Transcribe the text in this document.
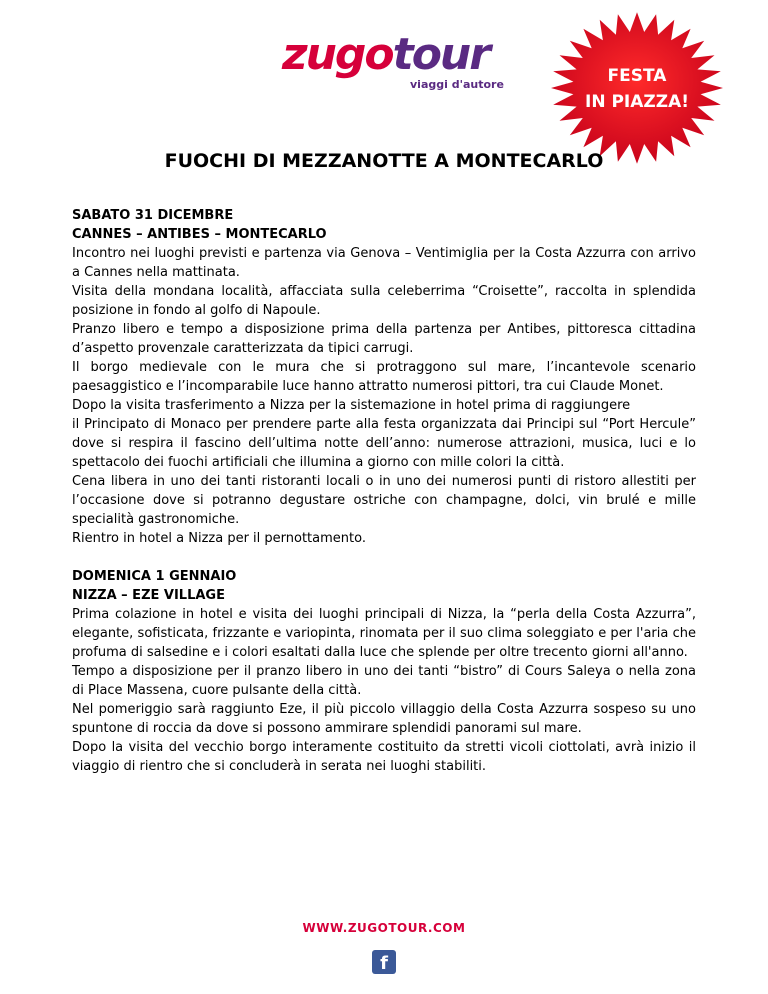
zugotour
viaggi d'autore	FESTA
IN PIAZZA!
FUOCHI DI MEZZANOTTE A MONTECARLO

SABATO 31 DICEMBRE

CANNES – ANTIBES – MONTECARLO

Incontro nei luoghi previsti e partenza via Genova – Ventimiglia per la Costa Azzurra con arrivo a Cannes nella mattinata.

Visita della mondana località, affacciata sulla celeberrima “Croisette”, raccolta in splendida posizione in fondo al golfo di Napoule.

Pranzo libero e tempo a disposizione prima della partenza per Antibes, pittoresca cittadina d’aspetto provenzale caratterizzata da tipici carrugi.

Il borgo medievale con le mura che si protraggono sul mare, l’incantevole scenario paesaggistico e l’incomparabile luce hanno attratto numerosi pittori, tra cui Claude Monet.

Dopo la visita trasferimento a Nizza per la sistemazione in hotel prima di raggiungere

il Principato di Monaco per prendere parte alla festa organizzata dai Principi sul “Port Hercule” dove si respira il fascino dell’ultima notte dell’anno: numerose attrazioni, musica, luci e lo spettacolo dei fuochi artificiali che illumina a giorno con mille colori la città.

Cena libera in uno dei tanti ristoranti locali o in uno dei numerosi punti di ristoro allestiti per l’occasione dove si potranno degustare ostriche con champagne, dolci, vin brulé e mille specialità gastronomiche.

Rientro in hotel a Nizza per il pernottamento.

DOMENICA 1 GENNAIO

NIZZA – EZE VILLAGE

Prima colazione in hotel e visita dei luoghi principali di Nizza, la “perla della Costa Azzurra”, elegante, sofisticata, frizzante e variopinta, rinomata per il suo clima soleggiato e per l'aria che profuma di salsedine e i colori esaltati dalla luce che splende per oltre trecento giorni all'anno.

Tempo a disposizione per il pranzo libero in uno dei tanti “bistro” di Cours Saleya o nella zona di Place Massena, cuore pulsante della città.

Nel pomeriggio sarà raggiunto Eze, il più piccolo villaggio della Costa Azzurra sospeso su uno spuntone di roccia da dove si possono ammirare splendidi panorami sul mare.

Dopo la visita del vecchio borgo interamente costituito da stretti vicoli ciottolati, avrà inizio il viaggio di rientro che si concluderà in serata nei luoghi stabiliti.

WWW.ZUGOTOUR.COM
f
